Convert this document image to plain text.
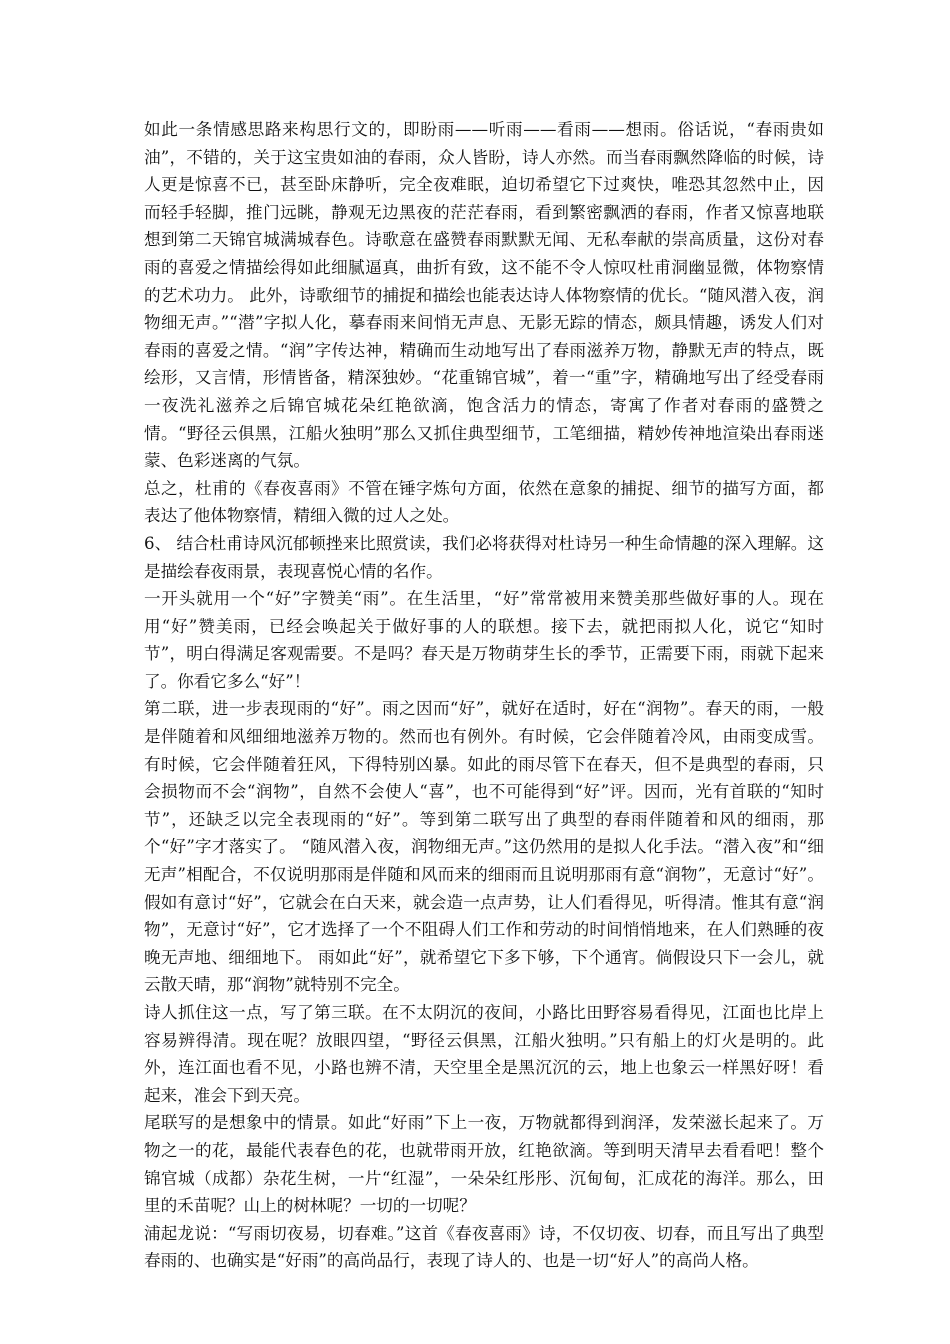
如此一条情感思路来构思行文的，即盼雨——听雨——看雨——想雨。俗话说，“春雨贵如油”，不错的，关于这宝贵如油的春雨，众人皆盼，诗人亦然。而当春雨飘然降临的时候，诗人更是惊喜不已，甚至卧床静听，完全夜难眠，迫切希望它下过爽快，唯恐其忽然中止，因而轻手轻脚，推门远眺，静观无边黑夜的茫茫春雨，看到繁密飘洒的春雨，作者又惊喜地联想到第二天锦官城满城春色。诗歌意在盛赞春雨默默无闻、无私奉献的崇高质量，这份对春雨的喜爱之情描绘得如此细腻逼真，曲折有致，这不能不令人惊叹杜甫洞幽显微，体物察情的艺术功力。 此外，诗歌细节的捕捉和描绘也能表达诗人体物察情的优长。“随风潜入夜，润物细无声。”“潜”字拟人化，摹春雨来间悄无声息、无影无踪的情态，颇具情趣，诱发人们对春雨的喜爱之情。“润”字传达神，精确而生动地写出了春雨滋养万物，静默无声的特点，既绘形，又言情，形情皆备，精深独妙。“花重锦官城”，着一“重”字，精确地写出了经受春雨一夜洗礼滋养之后锦官城花朵红艳欲滴，饱含活力的情态，寄寓了作者对春雨的盛赞之情。“野径云俱黑，江船火独明”那么又抓住典型细节，工笔细描，精妙传神地渲染出春雨迷蒙、色彩迷离的气氛。

总之，杜甫的《春夜喜雨》不管在锤字炼句方面，依然在意象的捕捉、细节的描写方面，都表达了他体物察情，精细入微的过人之处。

6、 结合杜甫诗风沉郁顿挫来比照赏读，我们必将获得对杜诗另一种生命情趣的深入理解。这是描绘春夜雨景，表现喜悦心情的名作。

一开头就用一个“好”字赞美“雨”。在生活里，“好”常常被用来赞美那些做好事的人。现在用“好”赞美雨，已经会唤起关于做好事的人的联想。接下去，就把雨拟人化，说它“知时节”，明白得满足客观需要。不是吗？春天是万物萌芽生长的季节，正需要下雨，雨就下起来了。你看它多么“好”！

第二联，进一步表现雨的“好”。雨之因而“好”，就好在适时，好在“润物”。春天的雨，一般是伴随着和风细细地滋养万物的。然而也有例外。有时候，它会伴随着冷风，由雨变成雪。有时候，它会伴随着狂风，下得特别凶暴。如此的雨尽管下在春天，但不是典型的春雨，只会损物而不会“润物”，自然不会使人“喜”，也不可能得到“好”评。因而，光有首联的“知时节”，还缺乏以完全表现雨的“好”。等到第二联写出了典型的春雨伴随着和风的细雨，那个“好”字才落实了。 “随风潜入夜，润物细无声。”这仍然用的是拟人化手法。“潜入夜”和“细无声”相配合，不仅说明那雨是伴随和风而来的细雨而且说明那雨有意“润物”，无意讨“好”。假如有意讨“好”，它就会在白天来，就会造一点声势，让人们看得见，听得清。惟其有意“润物”，无意讨“好”，它才选择了一个不阻碍人们工作和劳动的时间悄悄地来，在人们熟睡的夜晚无声地、细细地下。 雨如此“好”，就希望它下多下够，下个通宵。倘假设只下一会儿，就云散天晴，那“润物”就特别不完全。

诗人抓住这一点，写了第三联。在不太阴沉的夜间，小路比田野容易看得见，江面也比岸上容易辨得清。现在呢？放眼四望，“野径云俱黑，江船火独明。”只有船上的灯火是明的。此外，连江面也看不见，小路也辨不清，天空里全是黑沉沉的云，地上也象云一样黑好呀！看起来，准会下到天亮。

尾联写的是想象中的情景。如此“好雨”下上一夜，万物就都得到润泽，发荣滋长起来了。万物之一的花，最能代表春色的花，也就带雨开放，红艳欲滴。等到明天清早去看看吧！整个锦官城（成都）杂花生树，一片“红湿”，一朵朵红彤彤、沉甸甸，汇成花的海洋。那么，田里的禾苗呢？山上的树林呢？一切的一切呢？

浦起龙说：“写雨切夜易，切春难。”这首《春夜喜雨》诗，不仅切夜、切春，而且写出了典型春雨的、也确实是“好雨”的高尚品行，表现了诗人的、也是一切“好人”的高尚人格。
